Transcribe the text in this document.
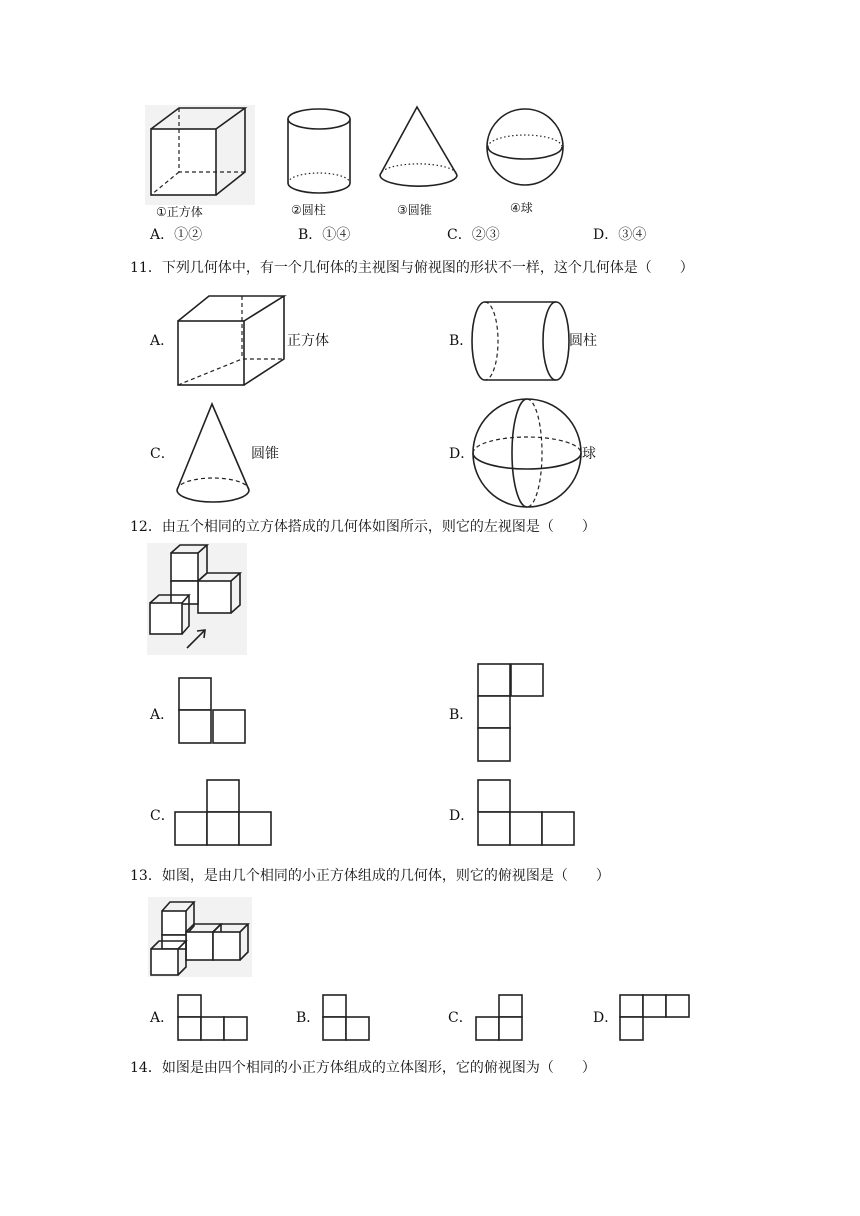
①正方体	②圆柱	③圆锥	④球
A．①②	B．①④	C．②③	D．③④
11．下列几何体中，有一个几何体的主视图与俯视图的形状不一样，这个几何体是（　　）
A．	正方体	B．	圆柱
C．	圆锥	D．	球
12．由五个相同的立方体搭成的几何体如图所示，则它的左视图是（　　）
A．	B．
C．	D．
13．如图，是由几个相同的小正方体组成的几何体，则它的俯视图是（　　）
A．	B．	C．	D．
14．如图是由四个相同的小正方体组成的立体图形，它的俯视图为（　　）
